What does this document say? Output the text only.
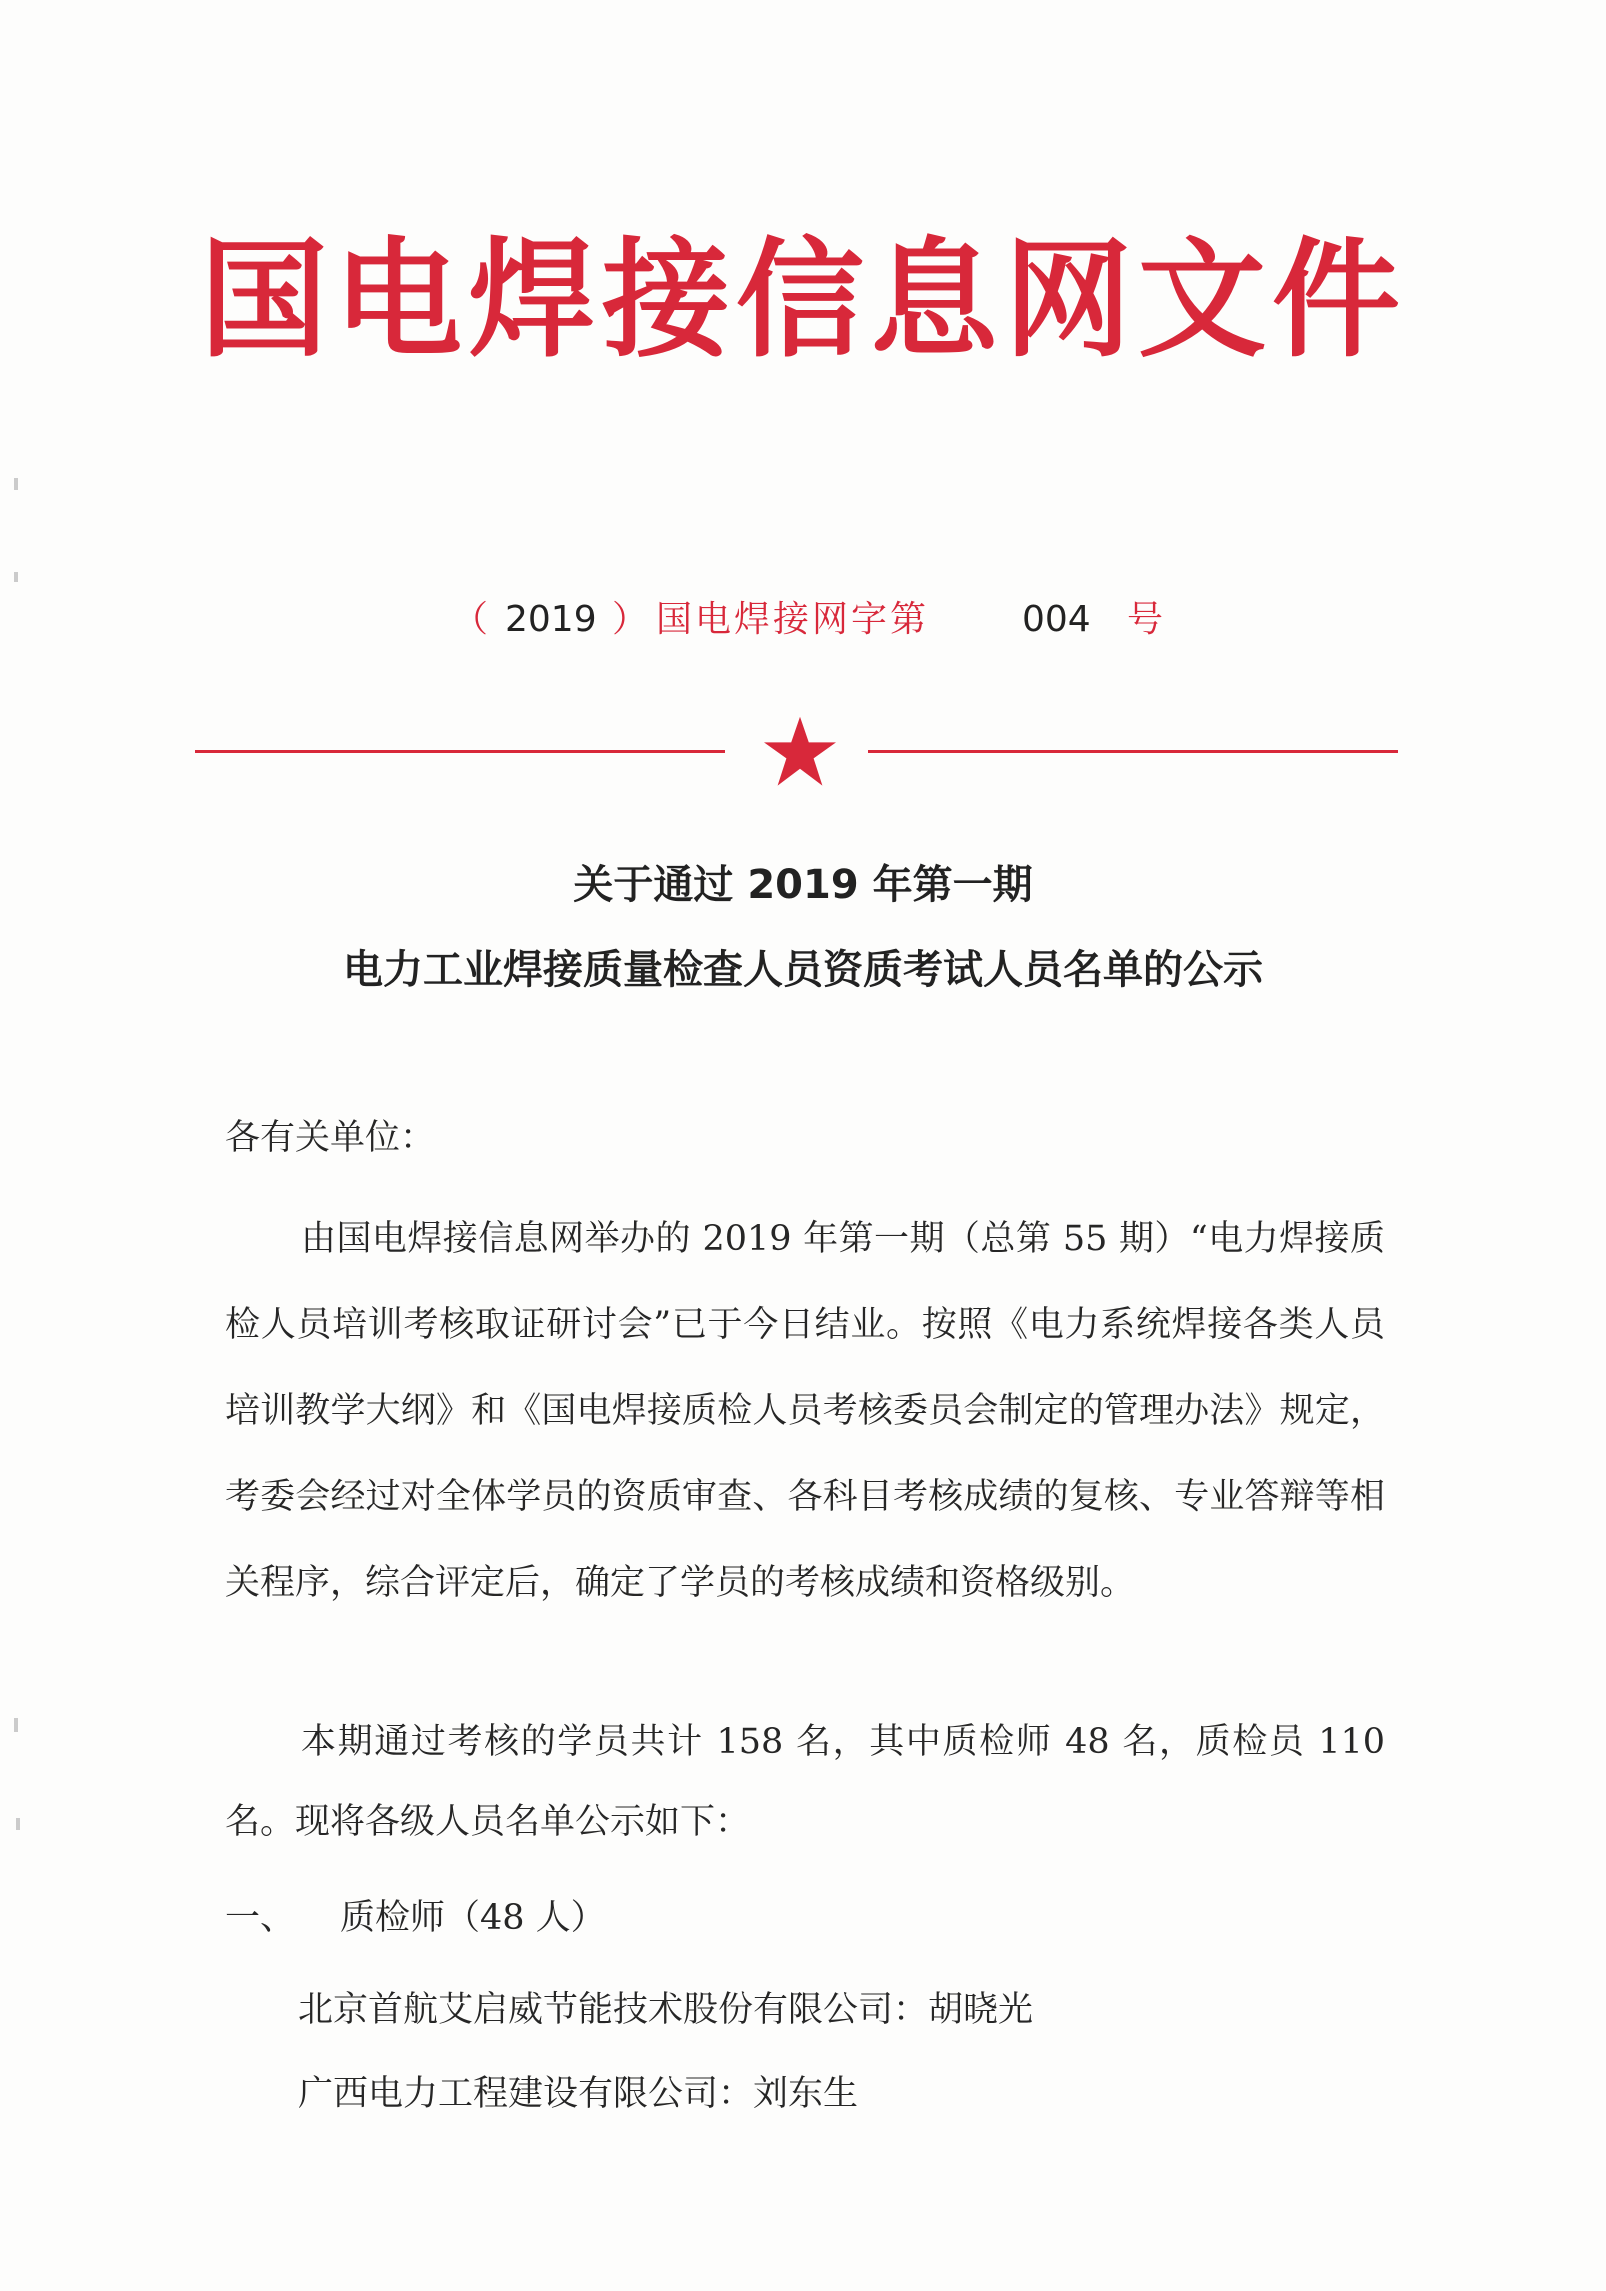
国电焊接信息网文件
（ 2019 ） 国电焊接网字第	004 号
关于通过 2019 年第一期
电力工业焊接质量检查人员资质考试人员名单的公示
各有关单位：
由国电焊接信息网举办的 2019 年第一期（总第 55 期）“电力焊接质检人员培训考核取证研讨会”已于今日结业。按照《电力系统焊接各类人员培训教学大纲》和《国电焊接质检人员考核委员会制定的管理办法》规定，考委会经过对全体学员的资质审查、各科目考核成绩的复核、专业答辩等相关程序，综合评定后，确定了学员的考核成绩和资格级别。
本期通过考核的学员共计 158 名，其中质检师 48 名，质检员 110 名。现将各级人员名单公示如下：
一、 质检师（48 人）
北京首航艾启威节能技术股份有限公司：胡晓光
广西电力工程建设有限公司：刘东生
